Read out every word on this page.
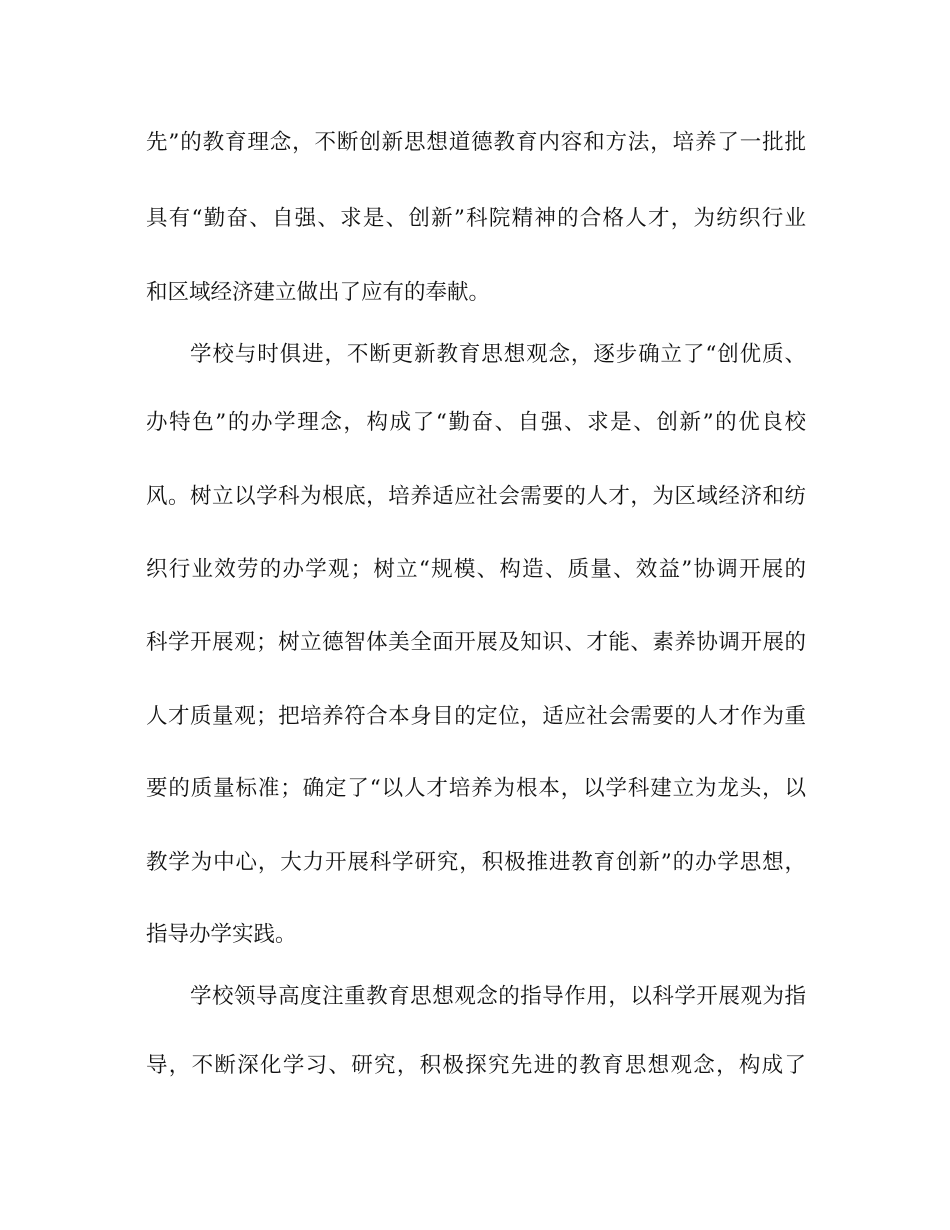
先”的教育理念，不断创新思想道德教育内容和方法，培养了一批批
具有“勤奋、自强、求是、创新”科院精神的合格人才，为纺织行业
和区域经济建立做出了应有的奉献。
学校与时俱进，不断更新教育思想观念，逐步确立了“创优质、
办特色”的办学理念，构成了“勤奋、自强、求是、创新”的优良校
风。树立以学科为根底，培养适应社会需要的人才，为区域经济和纺
织行业效劳的办学观；树立“规模、构造、质量、效益”协调开展的
科学开展观；树立德智体美全面开展及知识、才能、素养协调开展的
人才质量观；把培养符合本身目的定位，适应社会需要的人才作为重
要的质量标准；确定了“以人才培养为根本，以学科建立为龙头，以
教学为中心，大力开展科学研究，积极推进教育创新”的办学思想，
指导办学实践。
学校领导高度注重教育思想观念的指导作用，以科学开展观为指
导，不断深化学习、研究，积极探究先进的教育思想观念，构成了
